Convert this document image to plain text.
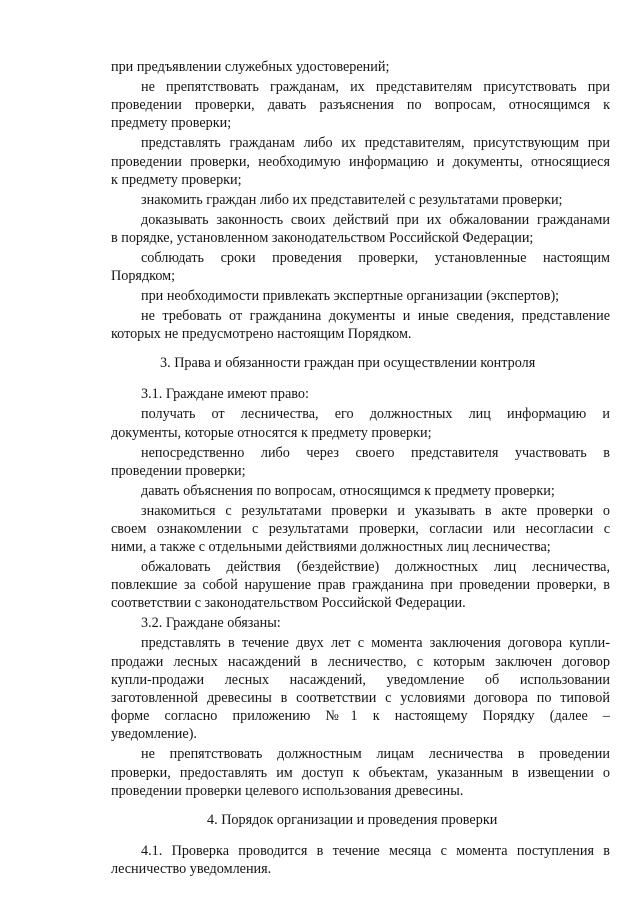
при предъявлении служебных удостоверений;
не препятствовать гражданам, их представителям присутствовать при
проведении проверки, давать разъяснения по вопросам, относящимся к
предмету проверки;
представлять гражданам либо их представителям, присутствующим при
проведении проверки, необходимую информацию и документы, относящиеся
к предмету проверки;
знакомить граждан либо их представителей с результатами проверки;
доказывать законность своих действий при их обжаловании гражданами
в порядке, установленном законодательством Российской Федерации;
соблюдать сроки проведения проверки, установленные настоящим
Порядком;
при необходимости привлекать экспертные организации (экспертов);
не требовать от гражданина документы и иные сведения, представление
которых не предусмотрено настоящим Порядком.
3. Права и обязанности граждан при осуществлении контроля
3.1. Граждане имеют право:
получать от лесничества, его должностных лиц информацию и
документы, которые относятся к предмету проверки;
непосредственно либо через своего представителя участвовать в
проведении проверки;
давать объяснения по вопросам, относящимся к предмету проверки;
знакомиться с результатами проверки и указывать в акте проверки о
своем ознакомлении с результатами проверки, согласии или несогласии с
ними, а также с отдельными действиями должностных лиц лесничества;
обжаловать действия (бездействие) должностных лиц лесничества,
повлекшие за собой нарушение прав гражданина при проведении проверки, в
соответствии с законодательством Российской Федерации.
3.2. Граждане обязаны:
представлять в течение двух лет с момента заключения договора купли-
продажи лесных насаждений в лесничество, с которым заключен договор
купли-продажи лесных насаждений, уведомление об использовании
заготовленной древесины в соответствии с условиями договора по типовой
форме согласно приложению №1 к настоящему Порядку (далее –
уведомление).
не препятствовать должностным лицам лесничества в проведении
проверки, предоставлять им доступ к объектам, указанным в извещении о
проведении проверки целевого использования древесины.
4. Порядок организации и проведения проверки
4.1. Проверка проводится в течение месяца с момента поступления в
лесничество уведомления.
